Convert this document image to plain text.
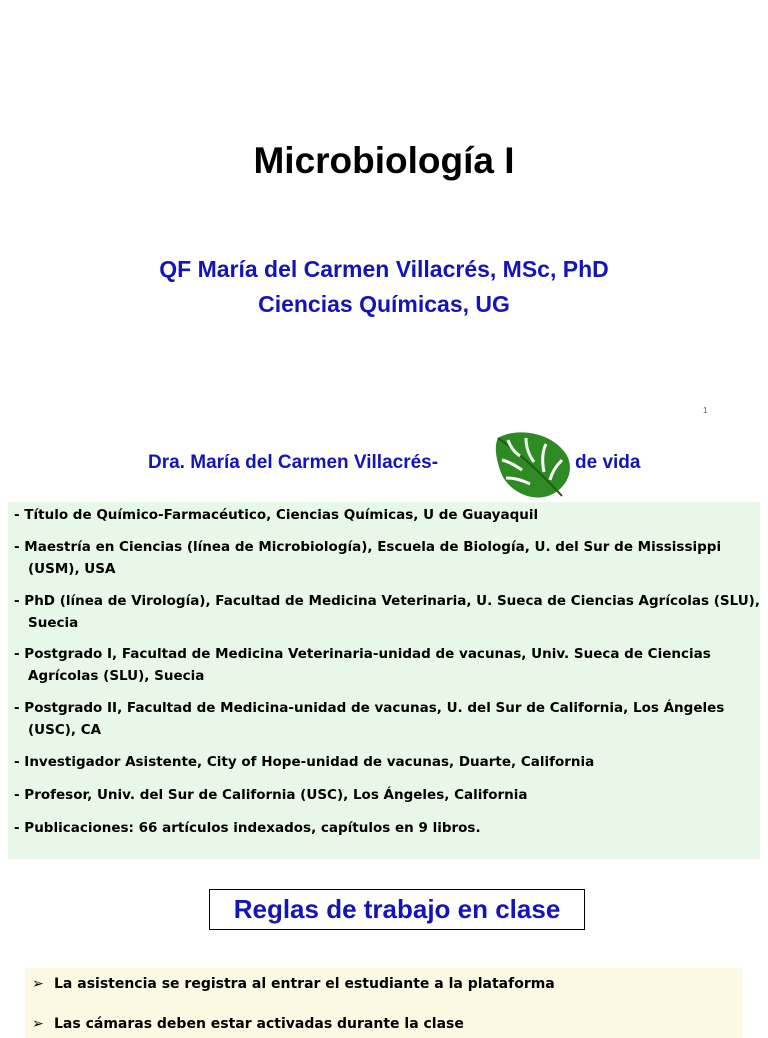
Microbiología I
QF María del Carmen Villacrés, MSc, PhD
Ciencias Químicas, UG
1
Dra. María del Carmen Villacrés-	de vida
- Título de Químico-Farmacéutico, Ciencias Químicas, U de Guayaquil
- Maestría en Ciencias (línea de Microbiología), Escuela de Biología, U. del Sur de Mississippi (USM), USA
- PhD (línea de Virología), Facultad de Medicina Veterinaria, U. Sueca de Ciencias Agrícolas (SLU), Suecia
- Postgrado I, Facultad de Medicina Veterinaria-unidad de vacunas, Univ. Sueca de Ciencias Agrícolas (SLU), Suecia
- Postgrado II, Facultad de Medicina-unidad de vacunas, U. del Sur de California, Los Ángeles (USC), CA
- Investigador Asistente, City of Hope-unidad de vacunas, Duarte, California
- Profesor, Univ. del Sur de California (USC), Los Ángeles, California
- Publicaciones: 66 artículos indexados, capítulos en 9 libros.
Reglas de trabajo en clase
➢ La asistencia se registra al entrar el estudiante a la plataforma
➢ Las cámaras deben estar activadas durante la clase
